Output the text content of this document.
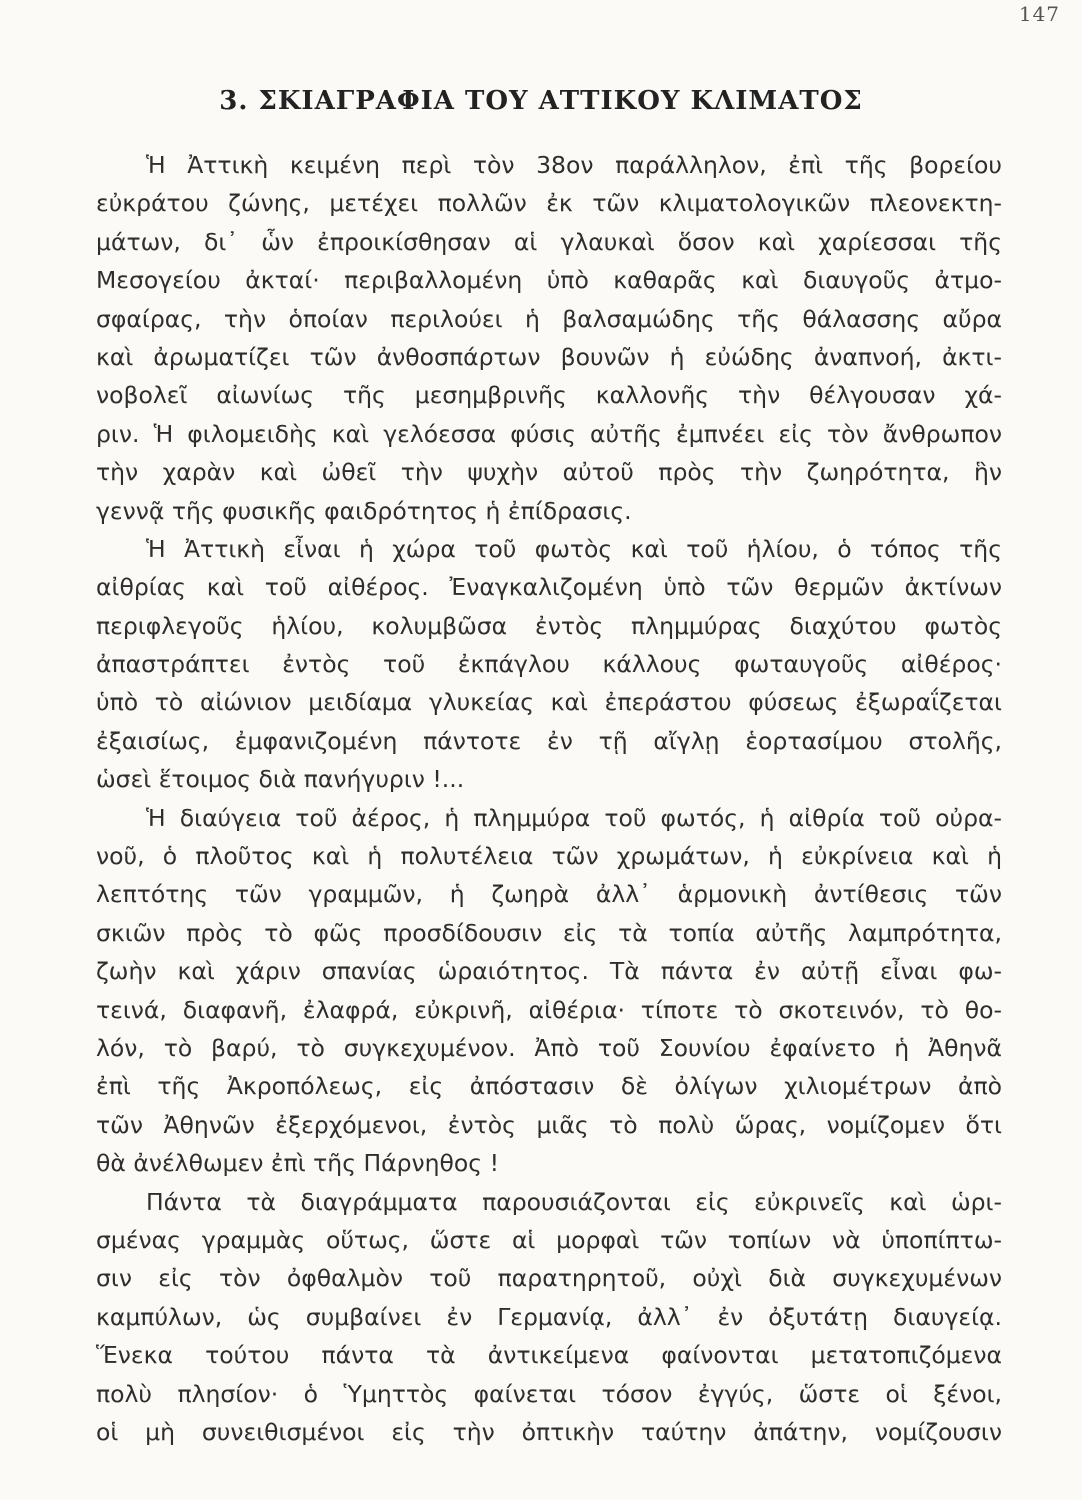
147
3. ΣΚΙΑΓΡΑΦΙΑ ΤΟΥ ΑΤΤΙΚΟΥ ΚΛΙΜΑΤΟΣ
Ἡ Ἀττικὴ κειμένη περὶ τὸν 38ον παράλληλον, ἐπὶ τῆς βορείου
εὐκράτου ζώνης, μετέχει πολλῶν ἐκ τῶν κλιματολογικῶν πλεονεκτη-
μάτων, δι᾽ ὧν ἐπροικίσθησαν αἱ γλαυκαὶ ὅσον καὶ χαρίεσσαι τῆς
Μεσογείου ἀκταί· περιβαλλομένη ὑπὸ καθαρᾶς καὶ διαυγοῦς ἀτμο-
σφαίρας, τὴν ὁποίαν περιλούει ἡ βαλσαμώδης τῆς θάλασσης αὔρα
καὶ ἀρωματίζει τῶν ἀνθοσπάρτων βουνῶν ἡ εὐώδης ἀναπνοή, ἀκτι-
νοβολεῖ αἰωνίως τῆς μεσημβρινῆς καλλονῆς τὴν θέλγουσαν χά-
ριν. Ἡ φιλομειδὴς καὶ γελόεσσα φύσις αὐτῆς ἐμπνέει εἰς τὸν ἄνθρωπον
τὴν χαρὰν καὶ ὠθεῖ τὴν ψυχὴν αὐτοῦ πρὸς τὴν ζωηρότητα, ἣν
γεννᾷ τῆς φυσικῆς φαιδρότητος ἡ ἐπίδρασις.
Ἡ Ἀττικὴ εἶναι ἡ χώρα τοῦ φωτὸς καὶ τοῦ ἡλίου, ὁ τόπος τῆς
αἰθρίας καὶ τοῦ αἰθέρος. Ἐναγκαλιζομένη ὑπὸ τῶν θερμῶν ἀκτίνων
περιφλεγοῦς ἡλίου, κολυμβῶσα ἐντὸς πλημμύρας διαχύτου φωτὸς
ἀπαστράπτει ἐντὸς τοῦ ἐκπάγλου κάλλους φωταυγοῦς αἰθέρος·
ὑπὸ τὸ αἰώνιον μειδίαμα γλυκείας καὶ ἐπεράστου φύσεως ἐξωραΐζεται
ἐξαισίως, ἐμφανιζομένη πάντοτε ἐν τῇ αἴγλῃ ἑορτασίμου στολῆς,
ὡσεὶ ἕτοιμος διὰ πανήγυριν !...
Ἡ διαύγεια τοῦ ἀέρος, ἡ πλημμύρα τοῦ φωτός, ἡ αἰθρία τοῦ οὐρα-
νοῦ, ὁ πλοῦτος καὶ ἡ πολυτέλεια τῶν χρωμάτων, ἡ εὐκρίνεια καὶ ἡ
λεπτότης τῶν γραμμῶν, ἡ ζωηρὰ ἀλλ᾽ ἁρμονικὴ ἀντίθεσις τῶν
σκιῶν πρὸς τὸ φῶς προσδίδουσιν εἰς τὰ τοπία αὐτῆς λαμπρότητα,
ζωὴν καὶ χάριν σπανίας ὡραιότητος. Τὰ πάντα ἐν αὐτῇ εἶναι φω-
τεινά, διαφανῆ, ἐλαφρά, εὐκρινῆ, αἰθέρια· τίποτε τὸ σκοτεινόν, τὸ θο-
λόν, τὸ βαρύ, τὸ συγκεχυμένον. Ἀπὸ τοῦ Σουνίου ἐφαίνετο ἡ Ἀθηνᾶ
ἐπὶ τῆς Ἀκροπόλεως, εἰς ἀπόστασιν δὲ ὀλίγων χιλιομέτρων ἀπὸ
τῶν Ἀθηνῶν ἐξερχόμενοι, ἐντὸς μιᾶς τὸ πολὺ ὥρας, νομίζομεν ὅτι
θὰ ἀνέλθωμεν ἐπὶ τῆς Πάρνηθος !
Πάντα τὰ διαγράμματα παρουσιάζονται εἰς εὐκρινεῖς καὶ ὡρι-
σμένας γραμμὰς οὕτως, ὥστε αἱ μορφαὶ τῶν τοπίων νὰ ὑποπίπτω-
σιν εἰς τὸν ὀφθαλμὸν τοῦ παρατηρητοῦ, οὐχὶ διὰ συγκεχυμένων
καμπύλων, ὡς συμβαίνει ἐν Γερμανίᾳ, ἀλλ᾽ ἐν ὀξυτάτῃ διαυγείᾳ.
Ἕνεκα τούτου πάντα τὰ ἀντικείμενα φαίνονται μετατοπιζόμενα
πολὺ πλησίον· ὁ Ὑμηττὸς φαίνεται τόσον ἐγγύς, ὥστε οἱ ξένοι,
οἱ μὴ συνειθισμένοι εἰς τὴν ὀπτικὴν ταύτην ἀπάτην, νομίζουσιν
